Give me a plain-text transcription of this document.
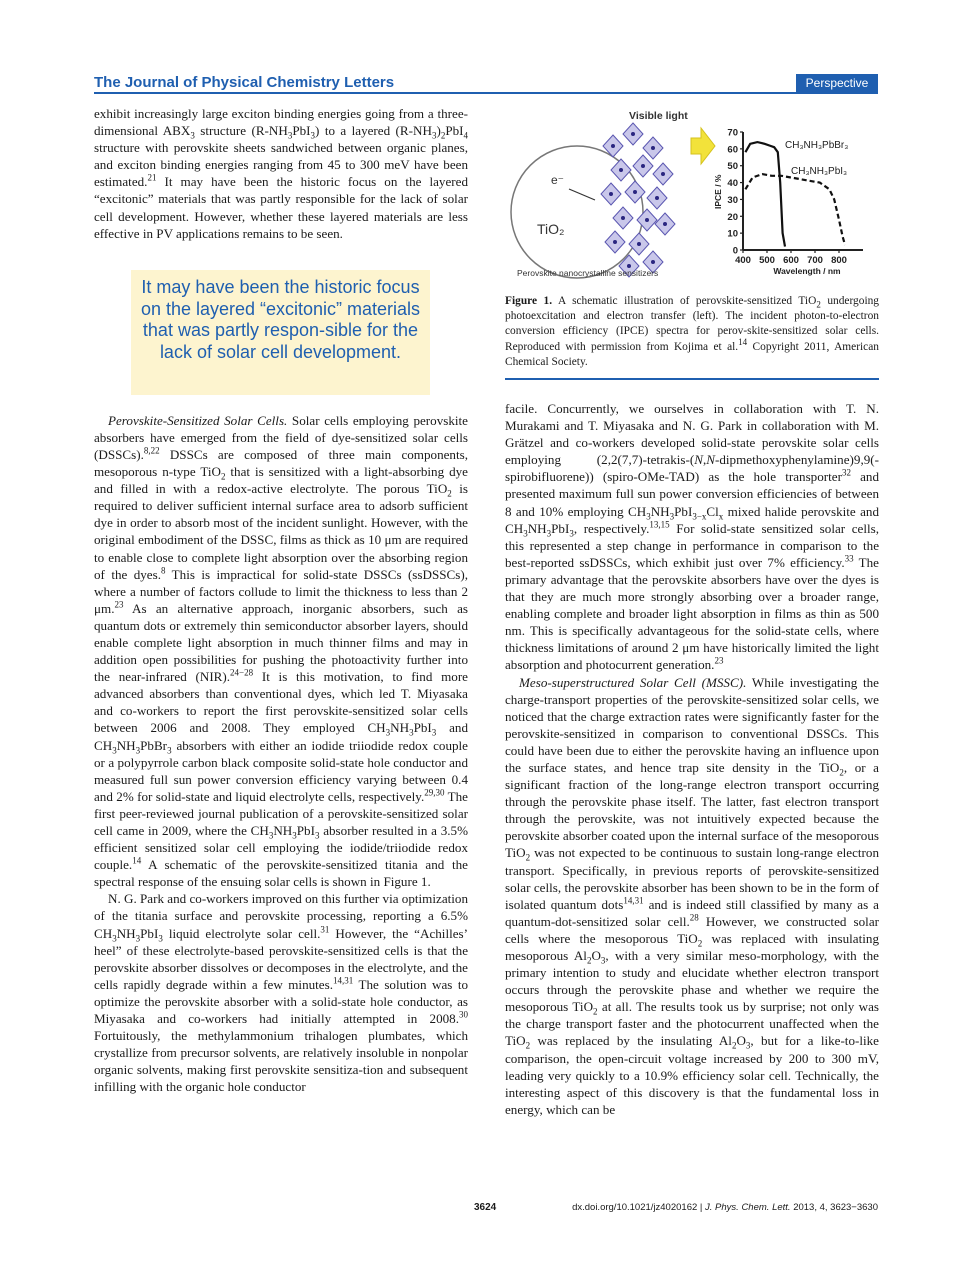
The Journal of Physical Chemistry Letters	Perspective

exhibit increasingly large exciton binding energies going from a three-dimensional $ABX_3$ structure $(R-NH_3PbI_3)$ to a layered $(R-NH_3)_2PbI_4$ structure with perovskite sheets sandwiched between organic planes, and exciton binding energies ranging from 45 to 300 meV have been estimated.$^{21}$ It may have been the historic focus on the layered “excitonic” materials that was partly responsible for the lack of solar cell development. However, whether these layered materials are less effective in PV applications remains to be seen.

Perovskite-Sensitized Solar Cells. Solar cells employing perovskite absorbers have emerged from the field of dye-sensitized solar cells (DSSCs).$^{8,22}$ DSSCs are composed of three main components, mesoporous n-type TiO$_2$ that is sensitized with a light-absorbing dye and filled in with a redox-active electrolyte. The porous TiO$_2$ is required to deliver sufficient internal surface area to adsorb sufficient dye in order to absorb most of the incident sunlight. However, with the original embodiment of the DSSC, films as thick as 10 μm are required to enable close to complete light absorption over the absorbing region of the dyes.$^8$ This is impractical for solid-state DSSCs (ssDSSCs), where a number of factors collude to limit the thickness to less than 2 μm.$^{23}$ As an alternative approach, inorganic absorbers, such as quantum dots or extremely thin semiconductor absorber layers, should enable complete light absorption in much thinner films and may in addition open possibilities for pushing the photoactivity further into the near-infrared (NIR).$^{24-28}$ It is this motivation, to find more advanced absorbers than conventional dyes, which led T. Miyasaka and co-workers to report the first perovskite-sensitized solar cells between 2006 and 2008. They employed $CH_3NH_3PbI_3$ and $CH_3NH_3PbBr_3$ absorbers with either an iodide triiodide redox couple or a polypyrrole carbon black composite solid-state hole conductor and measured full sun power conversion efficiency varying between 0.4 and 2% for solid-state and liquid electrolyte cells, respectively.$^{29,30}$ The first peer-reviewed journal publication of a perovskite-sensitized solar cell came in 2009, where the $CH_3NH_3PbI_3$ absorber resulted in a 3.5% efficient sensitized solar cell employing the iodide/triiodide redox couple.$^{14}$ A schematic of the perovskite-sensitized titania and the spectral response of the ensuing solar cells is shown in Figure 1.

N. G. Park and co-workers improved on this further via optimization of the titania surface and perovskite processing, reporting a 6.5% $CH_3NH_3PbI_3$ liquid electrolyte solar cell.$^{31}$ However, the “Achilles’ heel” of these electrolyte-based perovskite-sensitized cells is that the perovskite absorber dissolves or decomposes in the electrolyte, and the cells rapidly degrade within a few minutes.$^{14,31}$ The solution was to optimize the perovskite absorber with a solid-state hole conductor, as Miyasaka and co-workers had initially attempted in 2008.30 Fortuitously, the methylammonium trihalogen plumbates, which crystallize from precursor solvents, are relatively insoluble in nonpolar organic solvents, making first perovskite sensitiza-tion and subsequent infilling with the organic hole conductor

It may have been the historic focus on the layered “excitonic” materials that was partly respon-sible for the lack of solar cell development.
Visible light
e⁻
TiO₂
Perovskite nanocrystalline sensitizers
0
10
20
30
40
50
60
70
400 500 600 700 800
CH₃NH₃PbBr₃
CH₃NH₃PbI₃
IPCE / %
Wavelength / nm
Figure 1. A schematic illustration of perovskite-sensitized TiO$_2$ undergoing photoexcitation and electron transfer (left). The incident photon-to-electron conversion efficiency (IPCE) spectra for perov-skite-sensitized solar cells. Reproduced with permission from Kojima et al.$^{14}$ Copyright 2011, American Chemical Society.

facile. Concurrently, we ourselves in collaboration with T. N. Murakami and T. Miyasaka and N. G. Park in collaboration with M. Grätzel and co-workers developed solid-state perovskite solar cells employing (2,2(7,7)-tetrakis-(N,N-dipmethoxyphenylamine)9,9(-spirobifluorene)) (spiro-OMe-TAD) as the hole transporter$^{32}$ and presented maximum full sun power conversion efficiencies of between 8 and 10% employing $CH_3NH_3PbI_{3-x}Cl_x$ mixed halide perovskite and $CH_3NH_3PbI_3$, respectively.$^{13,15}$ For solid-state sensitized solar cells, this represented a step change in performance in comparison to the best-reported ssDSSCs, which exhibit just over 7% efficiency.$^{33}$ The primary advantage that the perovskite absorbers have over the dyes is that they are much more strongly absorbing over a broader range, enabling complete and broader light absorption in films as thin as 500 nm. This is specifically advantageous for the solid-state cells, where thickness limitations of around 2 μm have historically limited the light absorption and photocurrent generation.$^{23}$

Meso-superstructured Solar Cell (MSSC). While investigating the charge-transport properties of the perovskite-sensitized solar cells, we noticed that the charge extraction rates were significantly faster for the perovskite-sensitized in comparison to conventional DSSCs. This could have been due to either the perovskite having an influence upon the surface states, and hence trap site density in the TiO$_2$, or a significant fraction of the long-range electron transport occurring through the perovskite phase itself. The latter, fast electron transport through the perovskite, was not intuitively expected because the perovskite absorber coated upon the internal surface of the mesoporous TiO$_2$ was not expected to be continuous to sustain long-range electron transport. Specifically, in previous reports of perovskite-sensitized solar cells, the perovskite absorber has been shown to be in the form of isolated quantum dots$^{14,31}$ and is indeed still classified by many as a quantum-dot-sensitized solar cell.$^{28}$ However, we constructed solar cells where the mesoporous TiO$_2$ was replaced with insulating mesoporous $Al_2O_3$, with a very similar meso-morphology, with the primary intention to study and elucidate whether electron transport occurs through the perovskite phase and whether we require the mesoporous TiO$_2$ at all. The results took us by surprise; not only was the charge transport faster and the photocurrent unaffected when the TiO$_2$ was replaced by the insulating $Al_2O_3$, but for a like-to-like comparison, the open-circuit voltage increased by 200 to 300 mV, leading very quickly to a 10.9% efficiency solar cell. Technically, the interesting aspect of this discovery is that the fundamental loss in energy, which can be

3624	dx.doi.org/10.1021/jz4020162 | J. Phys. Chem. Lett. 2013, 4, 3623−3630
